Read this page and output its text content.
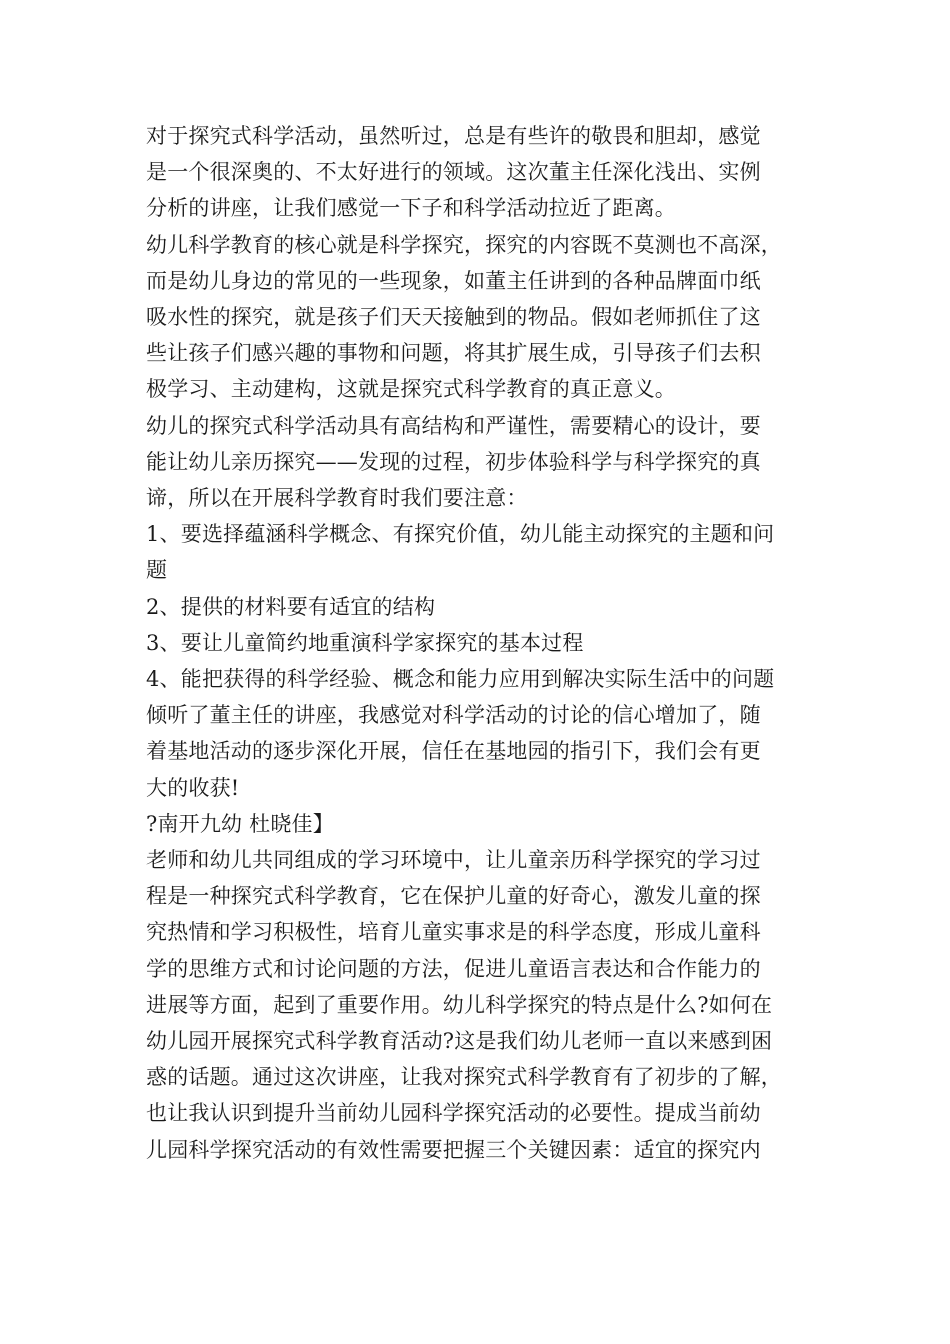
对于探究式科学活动，虽然听过，总是有些许的敬畏和胆却，感觉
是一个很深奥的、不太好进行的领域。这次董主任深化浅出、实例
分析的讲座，让我们感觉一下子和科学活动拉近了距离。
幼儿科学教育的核心就是科学探究，探究的内容既不莫测也不高深，
而是幼儿身边的常见的一些现象，如董主任讲到的各种品牌面巾纸
吸水性的探究，就是孩子们天天接触到的物品。假如老师抓住了这
些让孩子们感兴趣的事物和问题，将其扩展生成，引导孩子们去积
极学习、主动建构，这就是探究式科学教育的真正意义。
幼儿的探究式科学活动具有高结构和严谨性，需要精心的设计，要
能让幼儿亲历探究——发现的过程，初步体验科学与科学探究的真
谛，所以在开展科学教育时我们要注意：
1、要选择蕴涵科学概念、有探究价值，幼儿能主动探究的主题和问
题
2、提供的材料要有适宜的结构
3、要让儿童简约地重演科学家探究的基本过程
4、能把获得的科学经验、概念和能力应用到解决实际生活中的问题
倾听了董主任的讲座，我感觉对科学活动的讨论的信心增加了，随
着基地活动的逐步深化开展，信任在基地园的指引下，我们会有更
大的收获!
?南开九幼 杜晓佳】
老师和幼儿共同组成的学习环境中，让儿童亲历科学探究的学习过
程是一种探究式科学教育，它在保护儿童的好奇心，激发儿童的探
究热情和学习积极性，培育儿童实事求是的科学态度，形成儿童科
学的思维方式和讨论问题的方法，促进儿童语言表达和合作能力的
进展等方面，起到了重要作用。幼儿科学探究的特点是什么?如何在
幼儿园开展探究式科学教育活动?这是我们幼儿老师一直以来感到困
惑的话题。通过这次讲座，让我对探究式科学教育有了初步的了解，
也让我认识到提升当前幼儿园科学探究活动的必要性。提成当前幼
儿园科学探究活动的有效性需要把握三个关键因素：适宜的探究内
